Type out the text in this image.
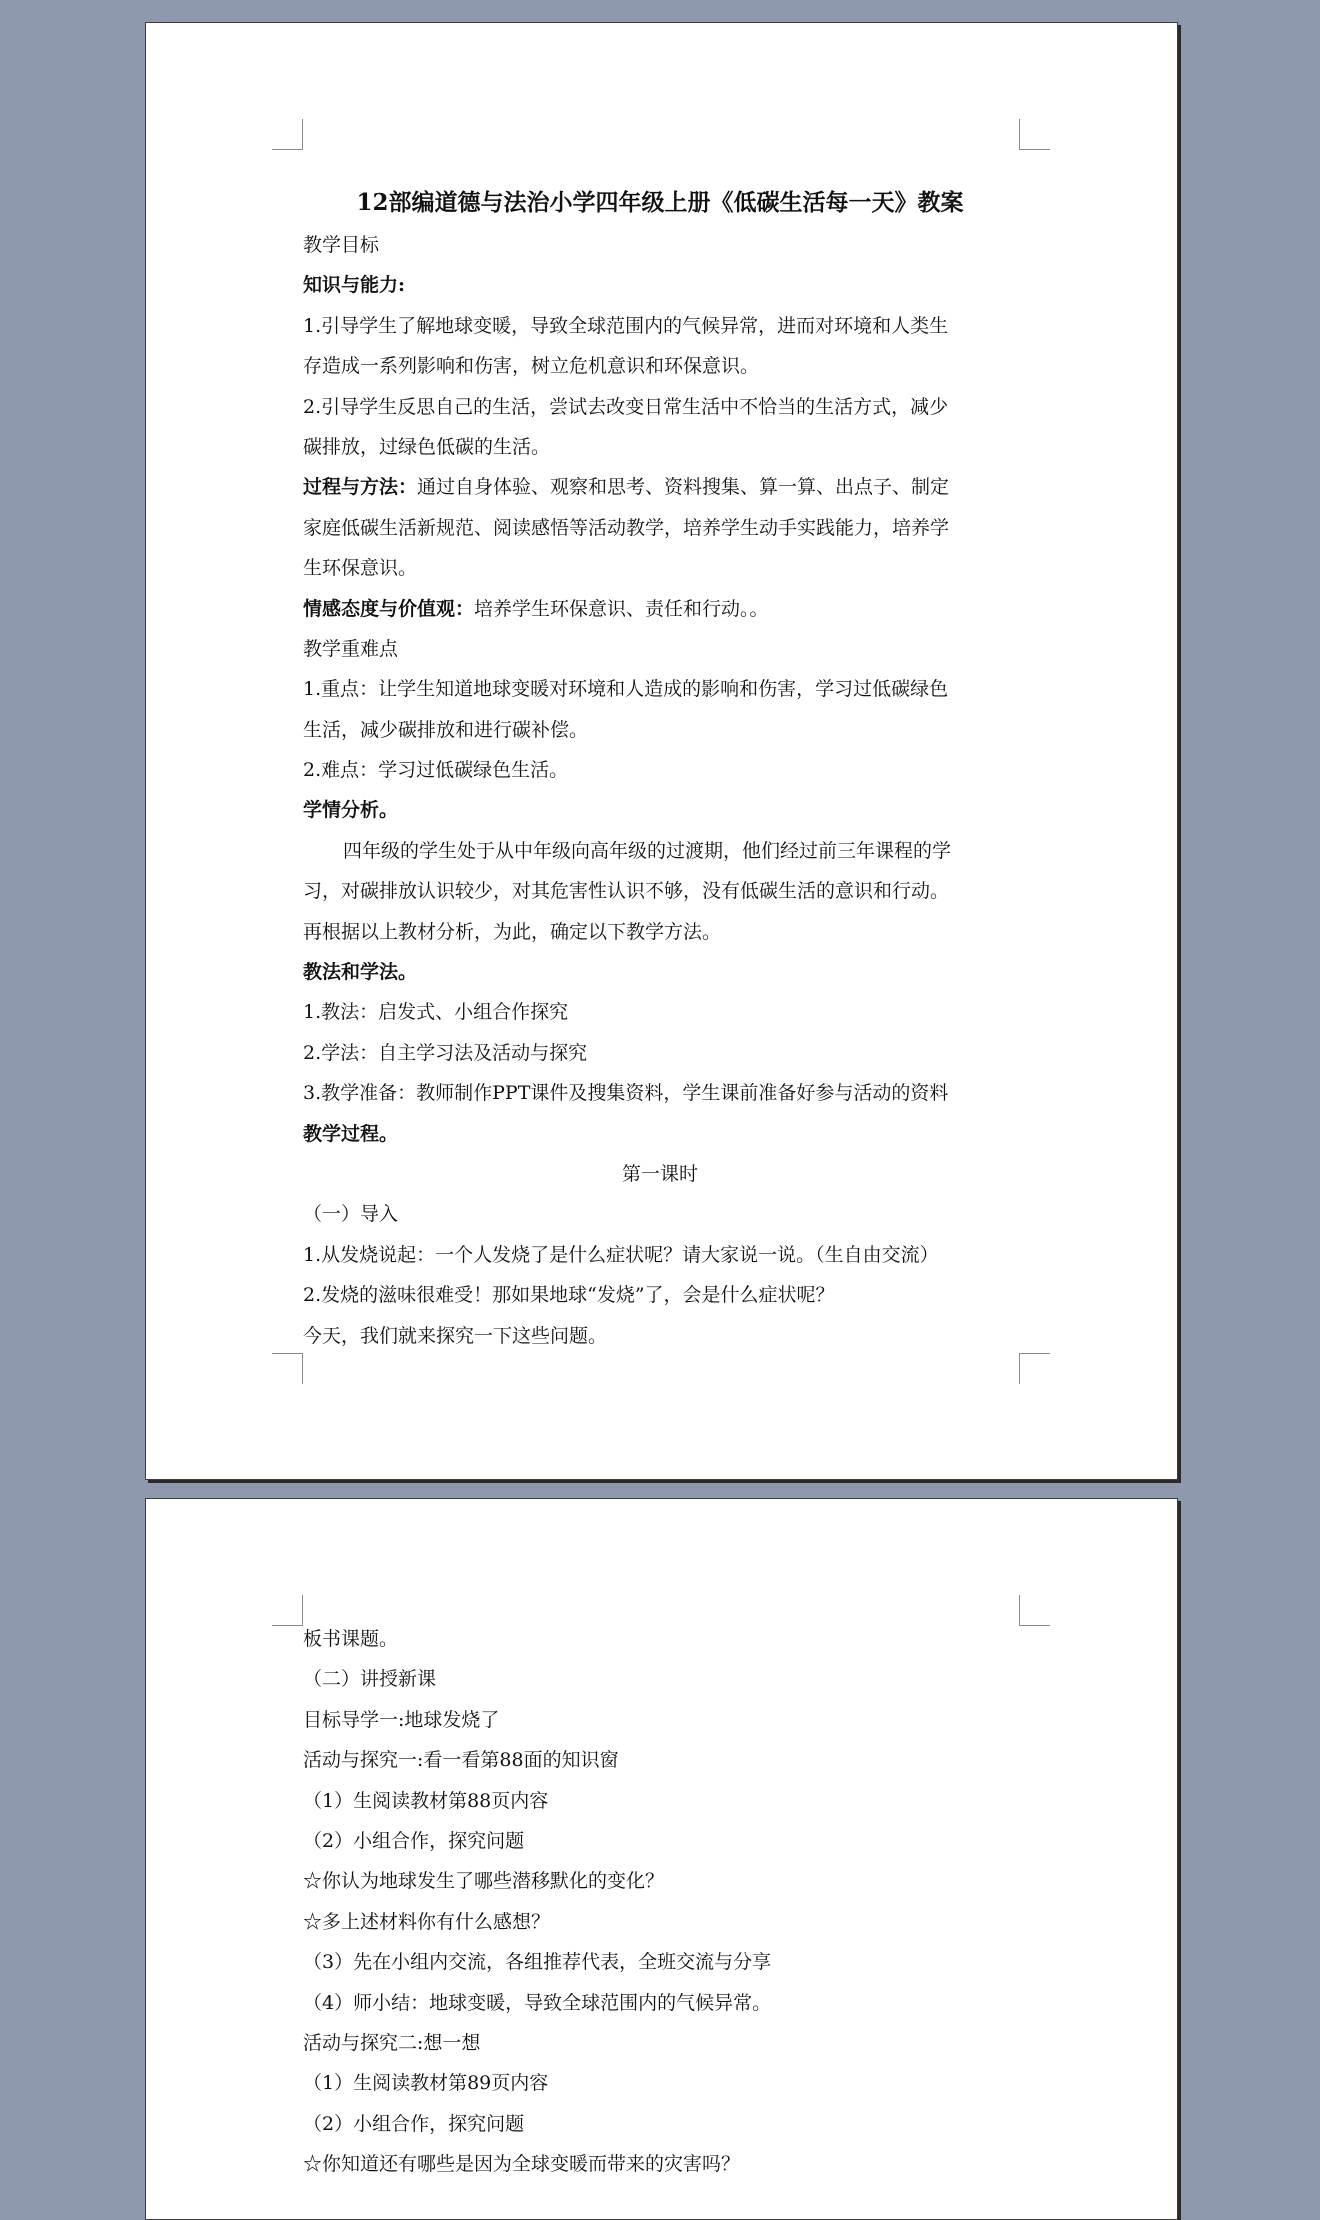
12部编道德与法治小学四年级上册《低碳生活每一天》教案
教学目标
知识与能力:
1.引导学生了解地球变暖，导致全球范围内的气候异常，进而对环境和人类生
存造成一系列影响和伤害，树立危机意识和环保意识。
2.引导学生反思自己的生活，尝试去改变日常生活中不恰当的生活方式，减少
碳排放，过绿色低碳的生活。
过程与方法：通过自身体验、观察和思考、资料搜集、算一算、出点子、制定
家庭低碳生活新规范、阅读感悟等活动教学，培养学生动手实践能力，培养学
生环保意识。
情感态度与价值观：培养学生环保意识、责任和行动。。
教学重难点
1.重点：让学生知道地球变暖对环境和人造成的影响和伤害，学习过低碳绿色
生活，减少碳排放和进行碳补偿。
2.难点：学习过低碳绿色生活。
学情分析。
四年级的学生处于从中年级向高年级的过渡期，他们经过前三年课程的学
习，对碳排放认识较少，对其危害性认识不够，没有低碳生活的意识和行动。
再根据以上教材分析，为此，确定以下教学方法。
教法和学法。
1.教法：启发式、小组合作探究
2.学法：自主学习法及活动与探究
3.教学准备：教师制作PPT课件及搜集资料，学生课前准备好参与活动的资料
教学过程。
第一课时
（一）导入
1.从发烧说起：一个人发烧了是什么症状呢？请大家说一说。（生自由交流）
2.发烧的滋味很难受！那如果地球“发烧”了，会是什么症状呢？
今天，我们就来探究一下这些问题。
板书课题。
（二）讲授新课
目标导学一:地球发烧了
活动与探究一:看一看第88面的知识窗
（1）生阅读教材第88页内容
（2）小组合作，探究问题
☆你认为地球发生了哪些潜移默化的变化？
☆多上述材料你有什么感想？
（3）先在小组内交流，各组推荐代表，全班交流与分享
（4）师小结：地球变暖，导致全球范围内的气候异常。
活动与探究二:想一想
（1）生阅读教材第89页内容
（2）小组合作，探究问题
☆你知道还有哪些是因为全球变暖而带来的灾害吗？
